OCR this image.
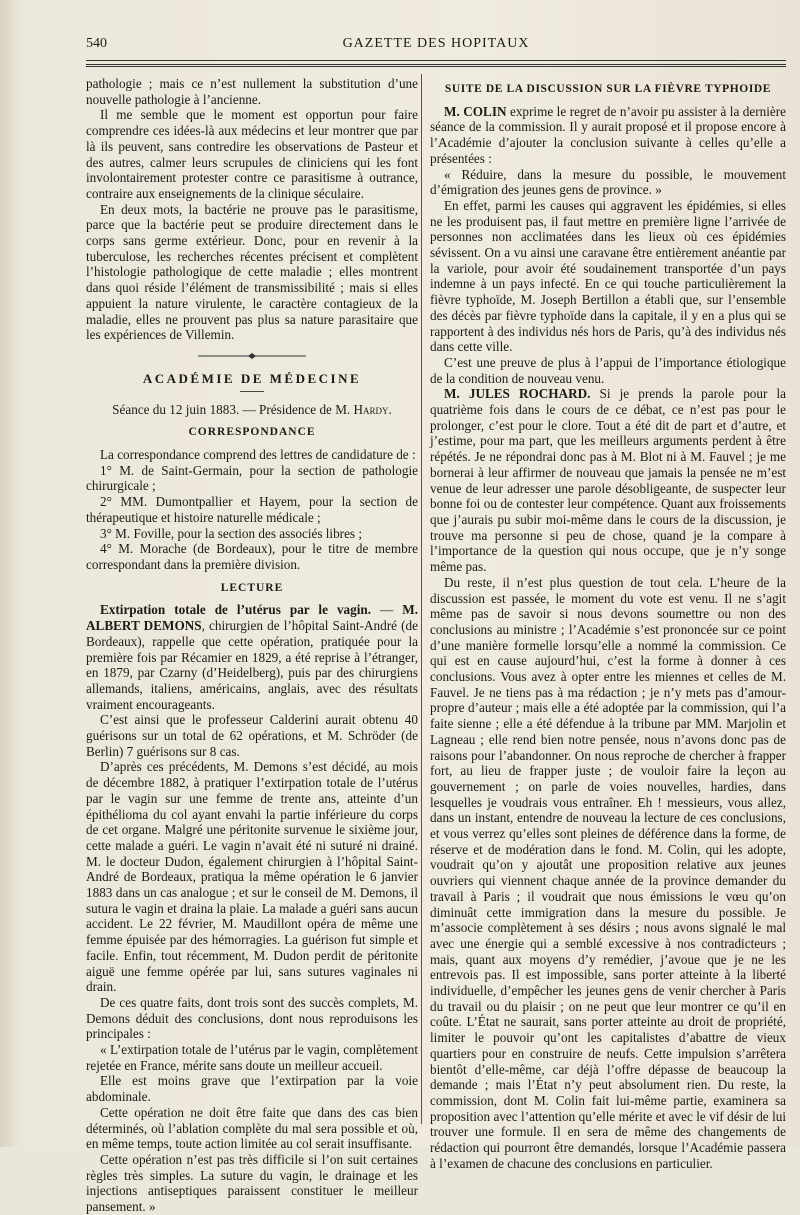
540	GAZETTE DES HOPITAUX

pathologie ; mais ce n’est nullement la substitution d’une nouvelle pathologie à l’ancienne.

Il me semble que le moment est opportun pour faire comprendre ces idées-là aux médecins et leur montrer que par là ils peuvent, sans contredire les observations de Pasteur et des autres, calmer leurs scrupules de cliniciens qui les font involontairement protester contre ce parasitisme à outrance, contraire aux enseignements de la clinique séculaire.

En deux mots, la bactérie ne prouve pas le parasitisme, parce que la bactérie peut se produire directement dans le corps sans germe extérieur. Donc, pour en revenir à la tuberculose, les recherches récentes précisent et complètent l’histologie pathologique de cette maladie ; elles montrent dans quoi réside l’élément de transmissibilité ; mais si elles appuient la nature virulente, le caractère contagieux de la maladie, elles ne prouvent pas plus sa nature parasitaire que les expériences de Villemin.

ACADÉMIE DE MÉDECINE

Séance du 12 juin 1883. — Présidence de M. Hardy.

CORRESPONDANCE

La correspondance comprend des lettres de candidature de :

1° M. de Saint-Germain, pour la section de pathologie chirurgicale ;

2° MM. Dumontpallier et Hayem, pour la section de thérapeutique et histoire naturelle médicale ;

3° M. Foville, pour la section des associés libres ;

4° M. Morache (de Bordeaux), pour le titre de membre correspondant dans la première division.

LECTURE

Extirpation totale de l’utérus par le vagin. — M. ALBERT DEMONS, chirurgien de l’hôpital Saint-André (de Bordeaux), rappelle que cette opération, pratiquée pour la première fois par Récamier en 1829, a été reprise à l’étranger, en 1879, par Czarny (d’Heidelberg), puis par des chirurgiens allemands, italiens, américains, anglais, avec des résultats vraiment encourageants.

C’est ainsi que le professeur Calderini aurait obtenu 40 guérisons sur un total de 62 opérations, et M. Schröder (de Berlin) 7 guérisons sur 8 cas.

D’après ces précédents, M. Demons s’est décidé, au mois de décembre 1882, à pratiquer l’extirpation totale de l’utérus par le vagin sur une femme de trente ans, atteinte d’un épithélioma du col ayant envahi la partie inférieure du corps de cet organe. Malgré une péritonite survenue le sixième jour, cette malade a guéri. Le vagin n’avait été ni suturé ni drainé. M. le docteur Dudon, également chirurgien à l’hôpital Saint-André de Bordeaux, pratiqua la même opération le 6 janvier 1883 dans un cas analogue ; et sur le conseil de M. Demons, il sutura le vagin et draina la plaie. La malade a guéri sans aucun accident. Le 22 février, M. Maudillont opéra de même une femme épuisée par des hémorragies. La guérison fut simple et facile. Enfin, tout récemment, M. Dudon perdit de péritonite aiguë une femme opérée par lui, sans sutures vaginales ni drain.

De ces quatre faits, dont trois sont des succès complets, M. Demons déduit des conclusions, dont nous reproduisons les principales :

« L’extirpation totale de l’utérus par le vagin, complètement rejetée en France, mérite sans doute un meilleur accueil.

Elle est moins grave que l’extirpation par la voie abdominale.

Cette opération ne doit être faite que dans des cas bien déterminés, où l’ablation complète du mal sera possible et où, en même temps, toute action limitée au col serait insuffisante.

Cette opération n’est pas très difficile si l’on suit certaines règles très simples. La suture du vagin, le drainage et les injections antiseptiques paraissent constituer le meilleur pansement. »

SUITE DE LA DISCUSSION SUR LA FIÈVRE TYPHOIDE

M. COLIN exprime le regret de n’avoir pu assister à la dernière séance de la commission. Il y aurait proposé et il propose encore à l’Académie d’ajouter la conclusion suivante à celles qu’elle a présentées :

« Réduire, dans la mesure du possible, le mouvement d’émigration des jeunes gens de province. »

En effet, parmi les causes qui aggravent les épidémies, si elles ne les produisent pas, il faut mettre en première ligne l’arrivée de personnes non acclimatées dans les lieux où ces épidémies sévissent. On a vu ainsi une caravane être entièrement anéantie par la variole, pour avoir été soudainement transportée d’un pays indemne à un pays infecté. En ce qui touche particulièrement la fièvre typhoïde, M. Joseph Bertillon a établi que, sur l’ensemble des décès par fièvre typhoïde dans la capitale, il y en a plus qui se rapportent à des individus nés hors de Paris, qu’à des individus nés dans cette ville.

C’est une preuve de plus à l’appui de l’importance étiologique de la condition de nouveau venu.

M. JULES ROCHARD. Si je prends la parole pour la quatrième fois dans le cours de ce débat, ce n’est pas pour le prolonger, c’est pour le clore. Tout a été dit de part et d’autre, et j’estime, pour ma part, que les meilleurs arguments perdent à être répétés. Je ne répondrai donc pas à M. Blot ni à M. Fauvel ; je me bornerai à leur affirmer de nouveau que jamais la pensée ne m’est venue de leur adresser une parole désobligeante, de suspecter leur bonne foi ou de contester leur compétence. Quant aux froissements que j’aurais pu subir moi-même dans le cours de la discussion, je trouve ma personne si peu de chose, quand je la compare à l’importance de la question qui nous occupe, que je n’y songe même pas.

Du reste, il n’est plus question de tout cela. L’heure de la discussion est passée, le moment du vote est venu. Il ne s’agit même pas de savoir si nous devons soumettre ou non des conclusions au ministre ; l’Académie s’est prononcée sur ce point d’une manière formelle lorsqu’elle a nommé la commission. Ce qui est en cause aujourd’hui, c’est la forme à donner à ces conclusions. Vous avez à opter entre les miennes et celles de M. Fauvel. Je ne tiens pas à ma rédaction ; je n’y mets pas d’amour-propre d’auteur ; mais elle a été adoptée par la commission, qui l’a faite sienne ; elle a été défendue à la tribune par MM. Marjolin et Lagneau ; elle rend bien notre pensée, nous n’avons donc pas de raisons pour l’abandonner. On nous reproche de chercher à frapper fort, au lieu de frapper juste ; de vouloir faire la leçon au gouvernement ; on parle de voies nouvelles, hardies, dans lesquelles je voudrais vous entraîner. Eh ! messieurs, vous allez, dans un instant, entendre de nouveau la lecture de ces conclusions, et vous verrez qu’elles sont pleines de déférence dans la forme, de réserve et de modération dans le fond. M. Colin, qui les adopte, voudrait qu’on y ajoutât une proposition relative aux jeunes ouvriers qui viennent chaque année de la province demander du travail à Paris ; il voudrait que nous émissions le vœu qu’on diminuât cette immigration dans la mesure du possible. Je m’associe complètement à ses désirs ; nous avons signalé le mal avec une énergie qui a semblé excessive à nos contradicteurs ; mais, quant aux moyens d’y remédier, j’avoue que je ne les entrevois pas. Il est impossible, sans porter atteinte à la liberté individuelle, d’empêcher les jeunes gens de venir chercher à Paris du travail ou du plaisir ; on ne peut que leur montrer ce qu’il en coûte. L’État ne saurait, sans porter atteinte au droit de propriété, limiter le pouvoir qu’ont les capitalistes d’abattre de vieux quartiers pour en construire de neufs. Cette impulsion s’arrêtera bientôt d’elle-même, car déjà l’offre dépasse de beaucoup la demande ; mais l’État n’y peut absolument rien. Du reste, la commission, dont M. Colin fait lui-même partie, examinera sa proposition avec l’attention qu’elle mérite et avec le vif désir de lui trouver une formule. Il en sera de même des changements de rédaction qui pourront être demandés, lorsque l’Académie passera à l’examen de chacune des conclusions en particulier.
